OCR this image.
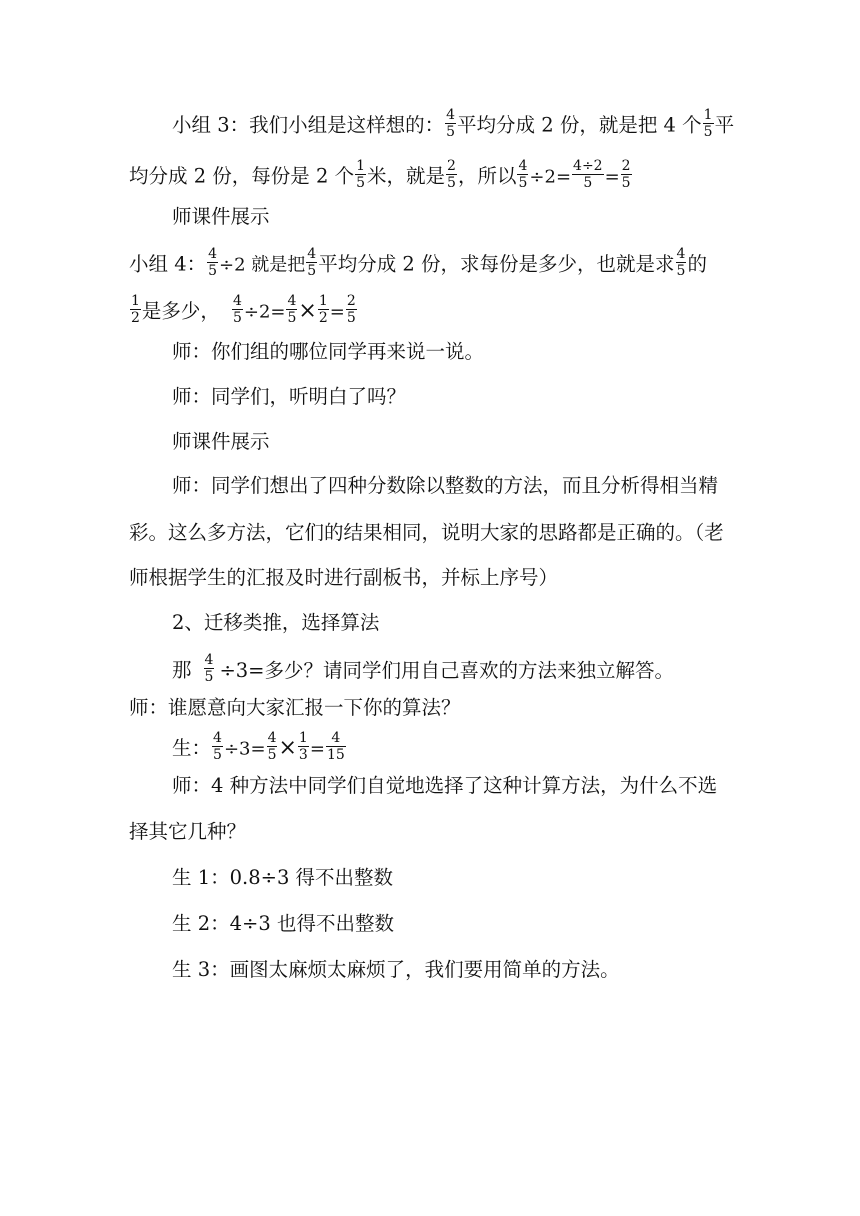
小组 3：我们小组是这样想的： $\frac{4}{5}$ 平均分成 2 份，就是把 4 个 $\frac{1}{5}$ 平
均分成 2 份，每份是 2 个 $\frac{1}{5}$ 米，就是 $\frac{2}{5}$ ，所以 $\frac{4}{5} \div 2= \frac{4\div 2}{5} = \frac{2}{5}$
师课件展示
小组 4： $\frac{4}{5} \div 2$ 就是把 $\frac{4}{5}$ 平均分成 2 份，求每份是多少，也就是求 $\frac{4}{5}$ 的
$\frac{1}{2}$ 是多少， $\frac{4}{5} \div 2= \frac{4}{5} \times \frac{1}{2} = \frac{2}{5}$
师：你们组的哪位同学再来说一说。
师：同学们，听明白了吗？
师课件展示
师：同学们想出了四种分数除以整数的方法，而且分析得相当精
彩。这么多方法，它们的结果相同，说明大家的思路都是正确的。（老
师根据学生的汇报及时进行副板书，并标上序号）
2、迁移类推，选择算法
那 $\frac{4}{5} \div 3=$多少？请同学们用自己喜欢的方法来独立解答。
师：谁愿意向大家汇报一下你的算法？
生： $\frac{4}{5} \div 3= \frac{4}{5} \times \frac{1}{3} = \frac{4}{15}$
师：4 种方法中同学们自觉地选择了这种计算方法，为什么不选
择其它几种？
生 1：0.8÷3 得不出整数
生 2：4÷3 也得不出整数
生 3：画图太麻烦太麻烦了，我们要用简单的方法。
